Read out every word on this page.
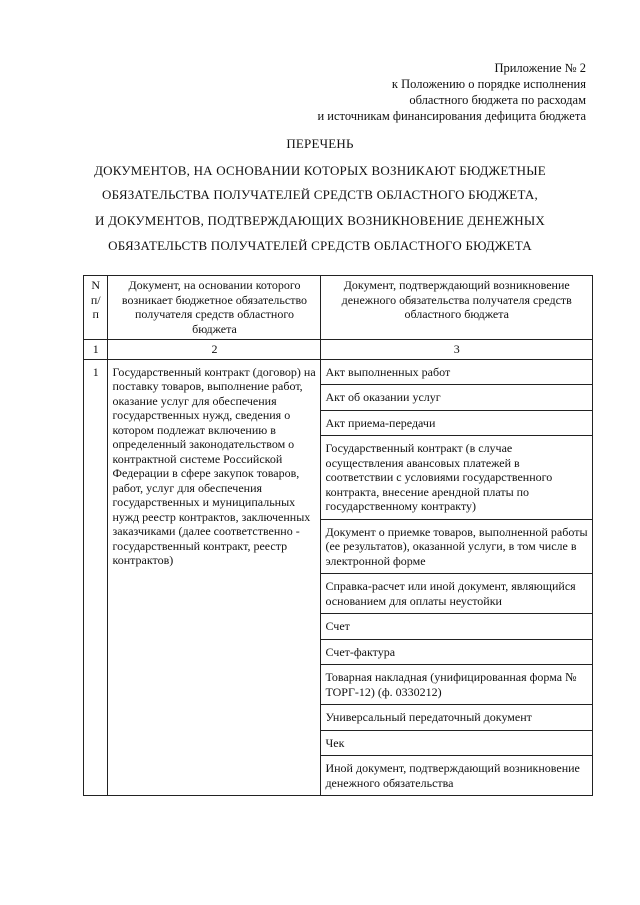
Приложение № 2
к Положению о порядке исполнения
областного бюджета по расходам
и источникам финансирования дефицита бюджета
ПЕРЕЧЕНЬ
ДОКУМЕНТОВ, НА ОСНОВАНИИ КОТОРЫХ ВОЗНИКАЮТ БЮДЖЕТНЫЕ
ОБЯЗАТЕЛЬСТВА ПОЛУЧАТЕЛЕЙ СРЕДСТВ ОБЛАСТНОГО БЮДЖЕТА,
И ДОКУМЕНТОВ, ПОДТВЕРЖДАЮЩИХ ВОЗНИКНОВЕНИЕ ДЕНЕЖНЫХ
ОБЯЗАТЕЛЬСТВ ПОЛУЧАТЕЛЕЙ СРЕДСТВ ОБЛАСТНОГО БЮДЖЕТА
N п/п	Документ, на основании которого возникает бюджетное обязательство получателя средств областного бюджета	Документ, подтверждающий возникновение денежного обязательства получателя средств областного бюджета
1	2	3
1	Государственный контракт (договор) на поставку товаров, выполнение работ, оказание услуг для обеспечения государственных нужд, сведения о котором подлежат включению в определенный законодательством о контрактной системе Российской Федерации в сфере закупок товаров, работ, услуг для обеспечения государственных и муниципальных нужд реестр контрактов, заключенных заказчиками (далее соответственно - государственный контракт, реестр контрактов)	Акт выполненных работ
		Акт об оказании услуг
		Акт приема-передачи
		Государственный контракт (в случае осуществления авансовых платежей в соответствии с условиями государственного контракта, внесение арендной платы по государственному контракту)
		Документ о приемке товаров, выполненной работы (ее результатов), оказанной услуги, в том числе в электронной форме
		Справка-расчет или иной документ, являющийся основанием для оплаты неустойки
		Счет
		Счет-фактура
		Товарная накладная (унифицированная форма № ТОРГ-12) (ф. 0330212)
		Универсальный передаточный документ
		Чек
		Иной документ, подтверждающий возникновение денежного обязательства
